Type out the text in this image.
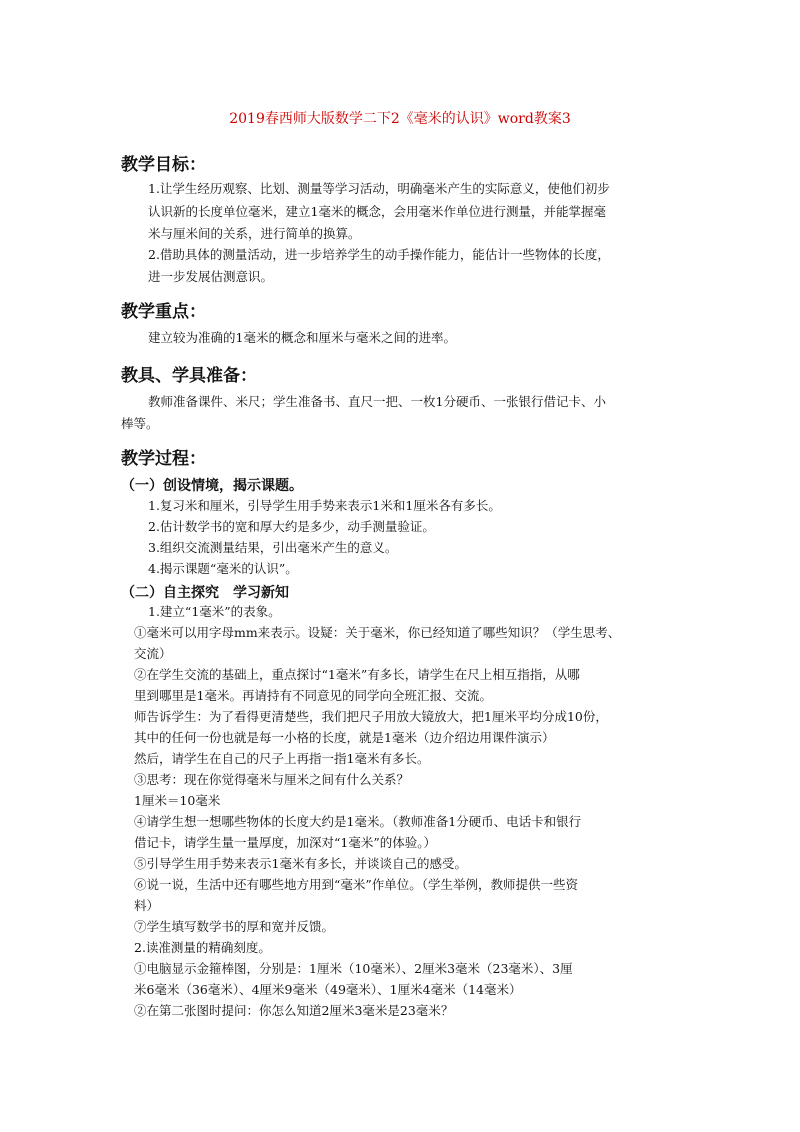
2019春西师大版数学二下2《毫米的认识》word教案3
教学目标：
1.让学生经历观察、比划、测量等学习活动，明确毫米产生的实际意义，使他们初步
认识新的长度单位毫米，建立1毫米的概念，会用毫米作单位进行测量，并能掌握毫
米与厘米间的关系，进行简单的换算。
2.借助具体的测量活动，进一步培养学生的动手操作能力，能估计一些物体的长度，
进一步发展估测意识。
教学重点：
建立较为准确的1毫米的概念和厘米与毫米之间的进率。
教具、学具准备：
教师准备课件、米尺；学生准备书、直尺一把、一枚1分硬币、一张银行借记卡、小
棒等。
教学过程：
（一）创设情境，揭示课题。
1.复习米和厘米，引导学生用手势来表示1米和1厘米各有多长。
2.估计数学书的宽和厚大约是多少，动手测量验证。
3.组织交流测量结果，引出毫米产生的意义。
4.揭示课题“毫米的认识”。
（二）自主探究　学习新知
1.建立“1毫米”的表象。
①毫米可以用字母mm来表示。设疑：关于毫米，你已经知道了哪些知识？（学生思考、
交流）
②在学生交流的基础上，重点探讨“1毫米”有多长，请学生在尺上相互指指，从哪
里到哪里是1毫米。再请持有不同意见的同学向全班汇报、交流。
师告诉学生：为了看得更清楚些，我们把尺子用放大镜放大，把1厘米平均分成10份，
其中的任何一份也就是每一小格的长度，就是1毫米（边介绍边用课件演示）
然后，请学生在自己的尺子上再指一指1毫米有多长。
③思考：现在你觉得毫米与厘米之间有什么关系？
1厘米＝10毫米
④请学生想一想哪些物体的长度大约是1毫米。（教师准备1分硬币、电话卡和银行
借记卡，请学生量一量厚度，加深对“1毫米”的体验。）
⑤引导学生用手势来表示1毫米有多长，并谈谈自己的感受。
⑥说一说，生活中还有哪些地方用到“毫米”作单位。（学生举例，教师提供一些资
料）
⑦学生填写数学书的厚和宽并反馈。
2.读准测量的精确刻度。
①电脑显示金箍棒图，分别是：1厘米（10毫米）、2厘米3毫米（23毫米）、3厘
米6毫米（36毫米）、4厘米9毫米（49毫米）、1厘米4毫米（14毫米）
②在第二张图时提问：你怎么知道2厘米3毫米是23毫米？
